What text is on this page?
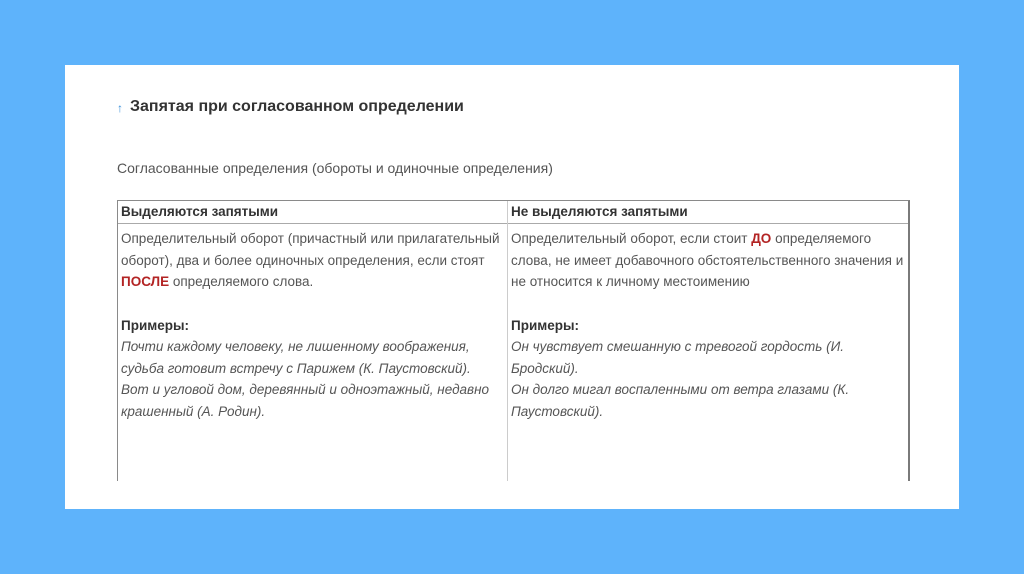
↑ Запятая при согласованном определении
Согласованные определения (обороты и одиночные определения)
Выделяются запятыми

Определительный оборот (причастный или прилагательный оборот), два и более одиночных определения, если стоят ПОСЛЕ определяемого слова.

Примеры:
Почти каждому человеку, не лишенному воображения, судьба готовит встречу с Парижем (К. Паустовский).
Вот и угловой дом, деревянный и одноэтажный, недавно крашенный (А. Родин).
Не выделяются запятыми

Определительный оборот, если стоит ДО определяемого слова, не имеет добавочного обстоятельственного значения и не относится к личному местоимению

Примеры:
Он чувствует смешанную с тревогой гордость (И. Бродский).
Он долго мигал воспаленными от ветра глазами (К. Паустовский).
